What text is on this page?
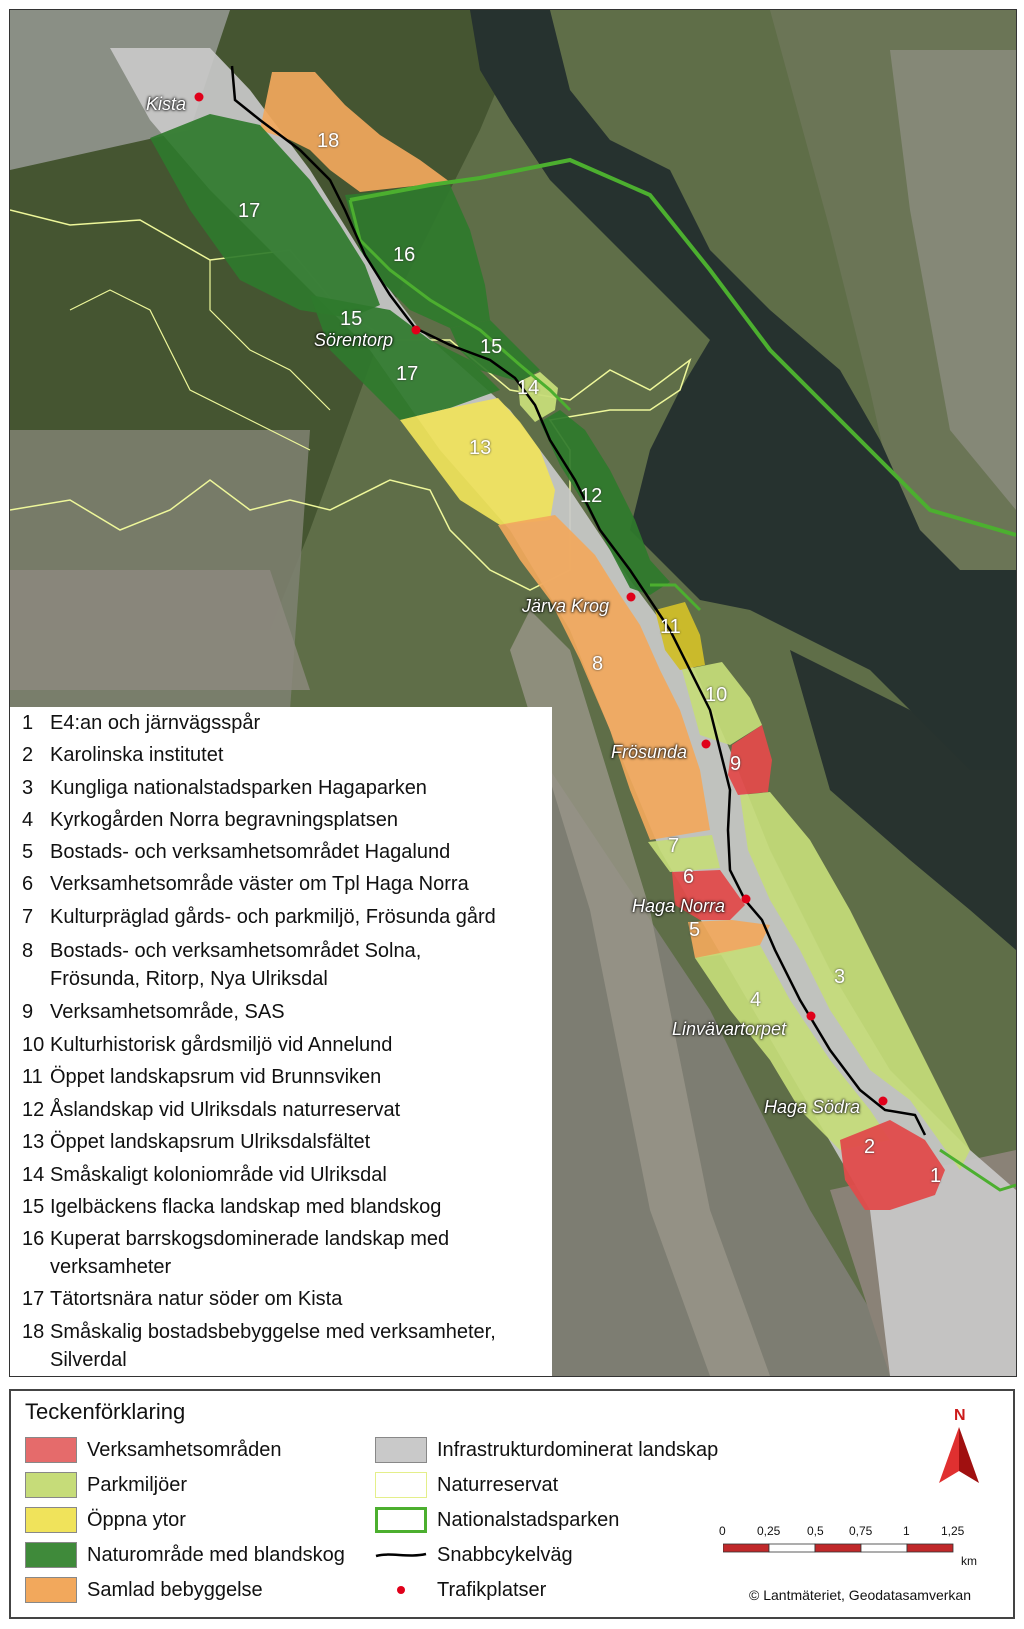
Kista
Sörentorp
Järva Krog
Frösunda
Haga Norra
Linvävartorpet
Haga Södra
1
2
3
4
5
6
7
8
9
10
11
12
13
14
15
15
16
17
17
18
1 E4:an och järnvägsspår
2 Karolinska institutet
3 Kungliga nationalstadsparken Hagaparken
4 Kyrkogården Norra begravningsplatsen
5 Bostads- och verksamhetsområdet Hagalund
6 Verksamhetsområde väster om Tpl Haga Norra
7 Kulturpräglad gårds- och parkmiljö, Frösunda gård
8 Bostads- och verksamhetsområdet Solna,
Frösunda, Ritorp, Nya Ulriksdal
9 Verksamhetsområde, SAS
10 Kulturhistorisk gårdsmiljö vid Annelund
11 Öppet landskapsrum vid Brunnsviken
12 Åslandskap vid Ulriksdals naturreservat
13 Öppet landskapsrum Ulriksdalsfältet
14 Småskaligt koloniområde vid Ulriksdal
15 Igelbäckens flacka landskap med blandskog
16 Kuperat barrskogsdominerade landskap med
verksamheter
17 Tätortsnära natur söder om Kista
18 Småskalig bostadsbebyggelse med verksamheter,
Silverdal
Teckenförklaring
Verksamhetsområden
Parkmiljöer
Öppna ytor
Naturområde med blandskog
Samlad bebyggelse
Infrastrukturdominerat landskap
Naturreservat
Nationalstadsparken
Snabbcykelväg
Trafikplatser
N
0	0,25 0,5 0,75	1	1,25
km
© Lantmäteriet, Geodatasamverkan
